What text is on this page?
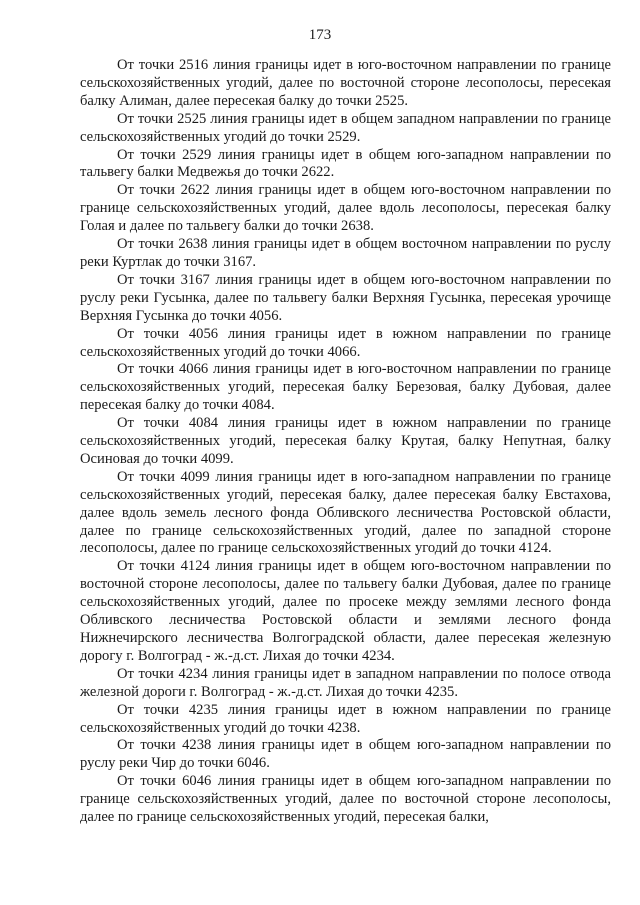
173

От точки 2516 линия границы идет в юго-восточном направлении по границе сельскохозяйственных угодий, далее по восточной стороне лесополосы, пересекая балку Алиман, далее пересекая балку до точки 2525.

От точки 2525 линия границы идет в общем западном направлении по границе сельскохозяйственных угодий до точки 2529.

От точки 2529 линия границы идет в общем юго-западном направлении по тальвегу балки Медвежья до точки 2622.

От точки 2622 линия границы идет в общем юго-восточном направлении по границе сельскохозяйственных угодий, далее вдоль лесополосы, пересекая балку Голая и далее по тальвегу балки до точки 2638.

От точки 2638 линия границы идет в общем восточном направлении по руслу реки Куртлак до точки 3167.

От точки 3167 линия границы идет в общем юго-восточном направлении по руслу реки Гусынка, далее по тальвегу балки Верхняя Гусынка, пересекая урочище Верхняя Гусынка до точки 4056.

От точки 4056 линия границы идет в южном направлении по границе сельскохозяйственных угодий до точки 4066.

От точки 4066 линия границы идет в юго-восточном направлении по границе сельскохозяйственных угодий, пересекая балку Березовая, балку Дубовая, далее пересекая балку до точки 4084.

От точки 4084 линия границы идет в южном направлении по границе сельскохозяйственных угодий, пересекая балку Крутая, балку Непутная, балку Осиновая до точки 4099.

От точки 4099 линия границы идет в юго-западном направлении по границе сельскохозяйственных угодий, пересекая балку, далее пересекая балку Евстахова, далее вдоль земель лесного фонда Обливского лесничества Ростовской области, далее по границе сельскохозяйственных угодий, далее по западной стороне лесополосы, далее по границе сельскохозяйственных угодий до точки 4124.

От точки 4124 линия границы идет в общем юго-восточном направлении по восточной стороне лесополосы, далее по тальвегу балки Дубовая, далее по границе сельскохозяйственных угодий, далее по просеке между землями лесного фонда Обливского лесничества Ростовской области и землями лесного фонда Нижнечирского лесничества Волгоградской области, далее пересекая железную дорогу г. Волгоград - ж.-д.ст. Лихая до точки 4234.

От точки 4234 линия границы идет в западном направлении по полосе отвода железной дороги г. Волгоград - ж.-д.ст. Лихая до точки 4235.

От точки 4235 линия границы идет в южном направлении по границе сельскохозяйственных угодий до точки 4238.

От точки 4238 линия границы идет в общем юго-западном направлении по руслу реки Чир до точки 6046.

От точки 6046 линия границы идет в общем юго-западном направлении по границе сельскохозяйственных угодий, далее по восточной стороне лесополосы, далее по границе сельскохозяйственных угодий, пересекая балки,
